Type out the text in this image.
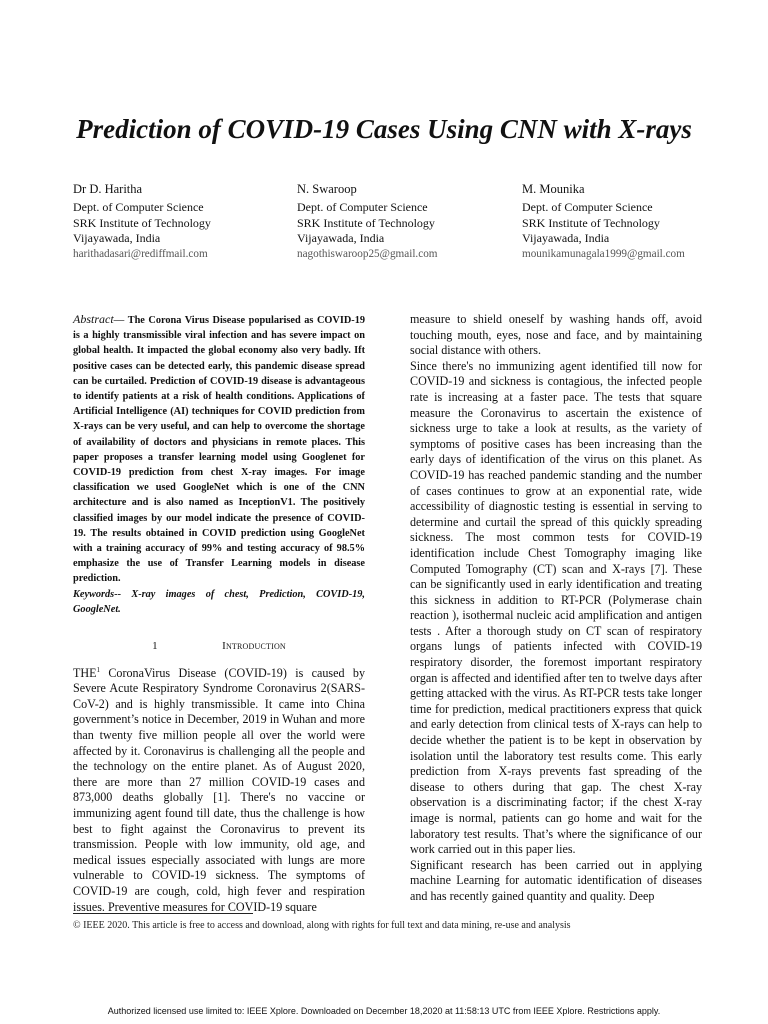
Prediction of COVID-19 Cases Using CNN with X-rays
Dr D. Haritha
Dept. of Computer Science
SRK Institute of Technology
Vijayawada, India
harithadasari@rediffmail.com
N. Swaroop
Dept. of Computer Science
SRK Institute of Technology
Vijayawada, India
nagothiswaroop25@gmail.com
M. Mounika
Dept. of Computer Science
SRK Institute of Technology
Vijayawada, India
mounikamunagala1999@gmail.com
Abstract— The Corona Virus Disease popularised as COVID-19 is a highly transmissible viral infection and has severe impact on global health. It impacted the global economy also very badly. Ift positive cases can be detected early, this pandemic disease spread can be curtailed. Prediction of COVID-19 disease is advantageous to identify patients at a risk of health conditions. Applications of Artificial Intelligence (AI) techniques for COVID prediction from X-rays can be very useful, and can help to overcome the shortage of availability of doctors and physicians in remote places. This paper proposes a transfer learning model using Googlenet for COVID-19 prediction from chest X-ray images. For image classification we used GoogleNet which is one of the CNN architecture and is also named as InceptionV1. The positively classified images by our model indicate the presence of COVID-19. The results obtained in COVID prediction using GoogleNet with a training accuracy of 99% and testing accuracy of 98.5% emphasize the use of Transfer Learning models in disease prediction.
Keywords-- X-ray images of chest, Prediction, COVID-19, GoogleNet.
1	Introduction
THE$^1$ CoronaVirus Disease (COVID-19) is caused by Severe Acute Respiratory Syndrome Coronavirus 2(SARS-CoV-2) and is highly transmissible. It came into China government’s notice in December, 2019 in Wuhan and more than twenty five million people all over the world were affected by it. Coronavirus is challenging all the people and the technology on the entire planet. As of August 2020, there are more than 27 million COVID-19 cases and 873,000 deaths globally [1]. There's no vaccine or immunizing agent found till date, thus the challenge is how best to fight against the Coronavirus to prevent its transmission. People with low immunity, old age, and medical issues especially associated with lungs are more vulnerable to COVID-19 sickness. The symptoms of COVID-19 are cough, cold, high fever and respiration issues. Preventive measures for COVID-19 square

measure to shield oneself by washing hands off, avoid touching mouth, eyes, nose and face, and by maintaining social distance with others.

Since there's no immunizing agent identified till now for COVID-19 and sickness is contagious, the infected people rate is increasing at a faster pace. The tests that square measure the Coronavirus to ascertain the existence of sickness urge to take a look at results, as the variety of symptoms of positive cases has been increasing than the early days of identification of the virus on this planet. As COVID-19 has reached pandemic standing and the number of cases continues to grow at an exponential rate, wide accessibility of diagnostic testing is essential in serving to determine and curtail the spread of this quickly spreading sickness. The most common tests for COVID-19 identification include Chest Tomography imaging like Computed Tomography (CT) scan and X-rays [7]. These can be significantly used in early identification and treating this sickness in addition to RT-PCR (Polymerase chain reaction ), isothermal nucleic acid amplification and antigen tests . After a thorough study on CT scan of respiratory organs lungs of patients infected with COVID-19 respiratory disorder, the foremost important respiratory organ is affected and identified after ten to twelve days after getting attacked with the virus. As RT-PCR tests take longer time for prediction, medical practitioners express that quick and early detection from clinical tests of X-rays can help to decide whether the patient is to be kept in observation by isolation until the laboratory test results come. This early prediction from X-rays prevents fast spreading of the disease to others during that gap. The chest X-ray observation is a discriminating factor; if the chest X-ray image is normal, patients can go home and wait for the laboratory test results. That’s where the significance of our work carried out in this paper lies.

Significant research has been carried out in applying machine Learning for automatic identification of diseases and has recently gained quantity and quality. Deep

© IEEE 2020. This article is free to access and download, along with rights for full text and data mining, re-use and analysis
Authorized licensed use limited to: IEEE Xplore. Downloaded on December 18,2020 at 11:58:13 UTC from IEEE Xplore. Restrictions apply.
